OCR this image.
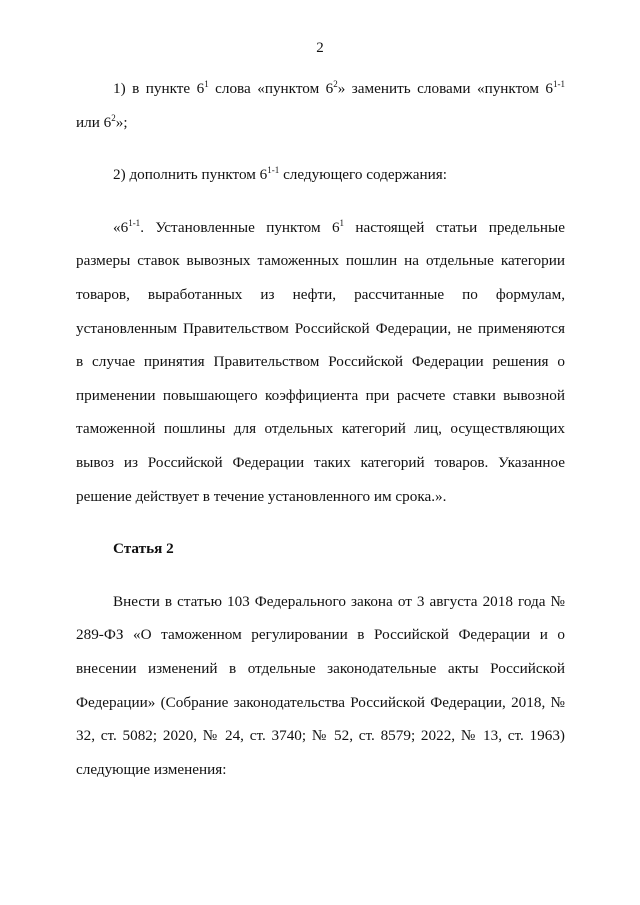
2

1) в пункте $6^1$ слова «пунктом $6^2$» заменить словами «пунктом 6$^{1-1}$ или $6^2$»;

2) дополнить пунктом 6$^{1-1}$ следующего содержания:

«6$^{1-1}$. Установленные пунктом $6^1$ настоящей статьи предельные размеры ставок вывозных таможенных пошлин на отдельные категории товаров, выработанных из нефти, рассчитанные по формулам, установленным Правительством Российской Федерации, не применяются в случае принятия Правительством Российской Федерации решения о применении повышающего коэффициента при расчете ставки вывозной таможенной пошлины для отдельных категорий лиц, осуществляющих вывоз из Российской Федерации таких категорий товаров. Указанное решение действует в течение установленного им срока.».

Статья 2

Внести в статью 103 Федерального закона от 3 августа 2018 года № 289-ФЗ «О таможенном регулировании в Российской Федерации и о внесении изменений в отдельные законодательные акты Российской Федерации» (Собрание законодательства Российской Федерации, 2018, № 32, ст. 5082; 2020, № 24, ст. 3740; № 52, ст. 8579; 2022, № 13, ст. 1963) следующие изменения:
